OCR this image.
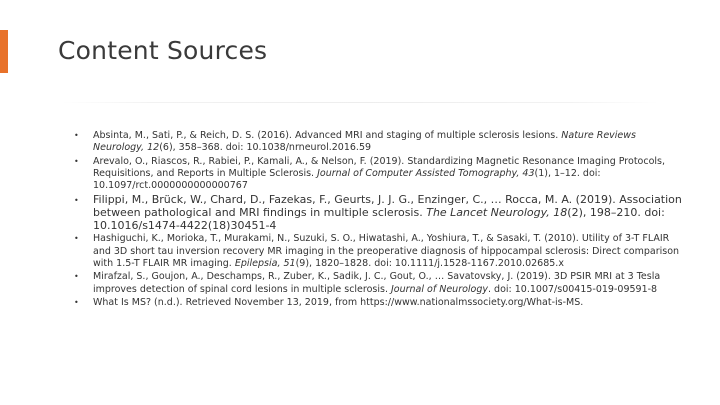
Content Sources
• Absinta, M., Sati, P., & Reich, D. S. (2016). Advanced MRI and staging of multiple sclerosis lesions. Nature Reviews Neurology, 12(6), 358–368. doi: 10.1038/nrneurol.2016.59
• Arevalo, O., Riascos, R., Rabiei, P., Kamali, A., & Nelson, F. (2019). Standardizing Magnetic Resonance Imaging Protocols, Requisitions, and Reports in Multiple Sclerosis. Journal of Computer Assisted Tomography, 43(1), 1–12. doi: 10.1097/rct.0000000000000767
• Filippi, M., Brück, W., Chard, D., Fazekas, F., Geurts, J. J. G., Enzinger, C., … Rocca, M. A. (2019). Association between pathological and MRI findings in multiple sclerosis. The Lancet Neurology, 18(2), 198–210. doi: 10.1016/s1474-4422(18)30451-4
• Hashiguchi, K., Morioka, T., Murakami, N., Suzuki, S. O., Hiwatashi, A., Yoshiura, T., & Sasaki, T. (2010). Utility of 3-T FLAIR and 3D short tau inversion recovery MR imaging in the preoperative diagnosis of hippocampal sclerosis: Direct comparison with 1.5-T FLAIR MR imaging. Epilepsia, 51(9), 1820–1828. doi: 10.1111/j.1528-1167.2010.02685.x
• Mirafzal, S., Goujon, A., Deschamps, R., Zuber, K., Sadik, J. C., Gout, O., … Savatovsky, J. (2019). 3D PSIR MRI at 3 Tesla improves detection of spinal cord lesions in multiple sclerosis. Journal of Neurology. doi: 10.1007/s00415-019-09591-8
• What Is MS? (n.d.). Retrieved November 13, 2019, from https://www.nationalmssociety.org/What-is-MS.
